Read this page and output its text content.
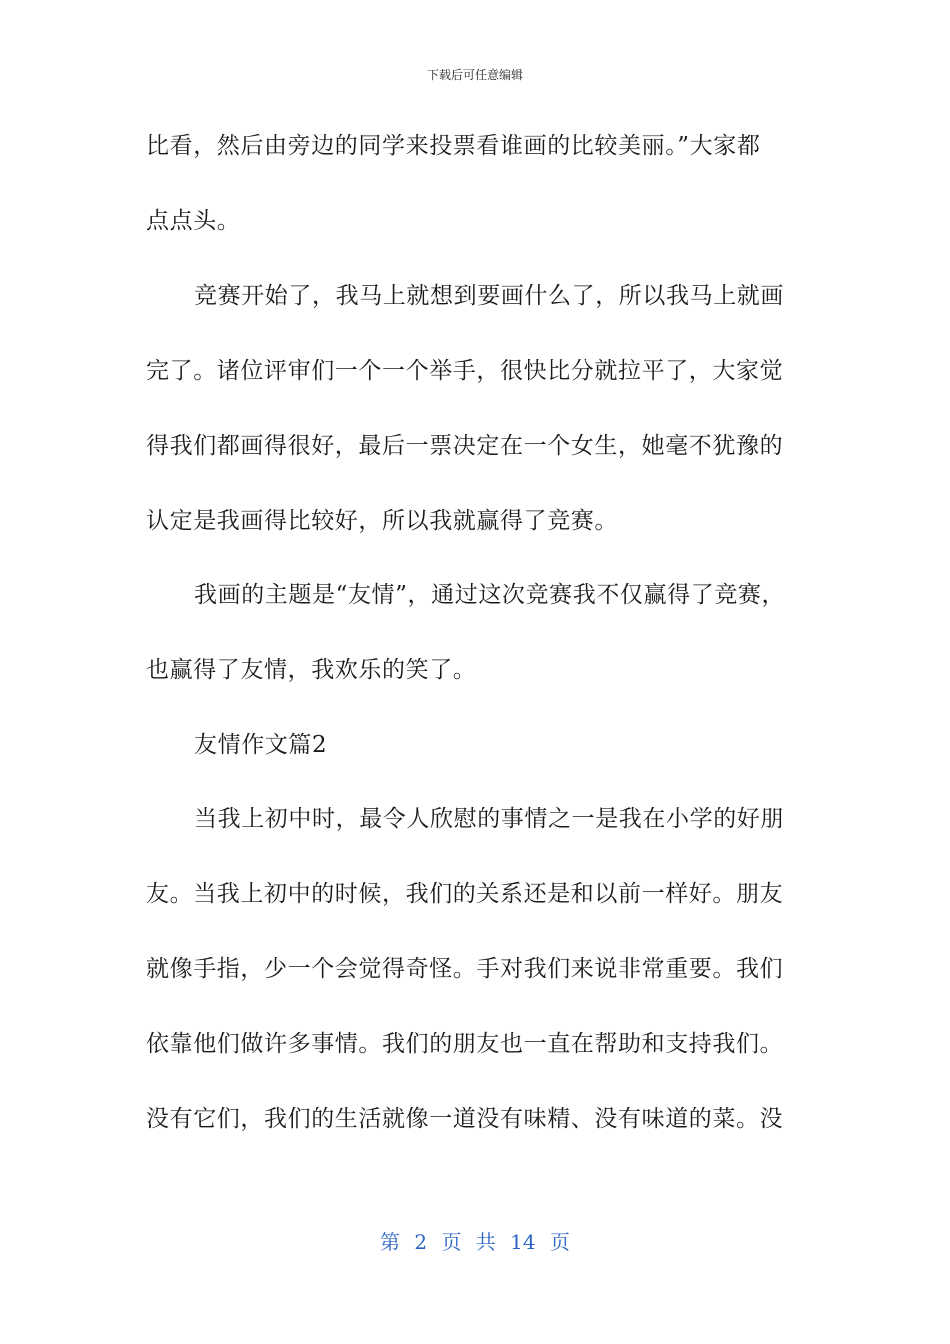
下载后可任意编辑
比看，然后由旁边的同学来投票看谁画的比较美丽。”大家都
点点头。
竞赛开始了，我马上就想到要画什么了，所以我马上就画
完了。诸位评审们一个一个举手，很快比分就拉平了，大家觉
得我们都画得很好，最后一票决定在一个女生，她毫不犹豫的
认定是我画得比较好，所以我就赢得了竞赛。
我画的主题是“友情”，通过这次竞赛我不仅赢得了竞赛，
也赢得了友情，我欢乐的笑了。
友情作文篇2
当我上初中时，最令人欣慰的事情之一是我在小学的好朋
友。当我上初中的时候，我们的关系还是和以前一样好。朋友
就像手指，少一个会觉得奇怪。手对我们来说非常重要。我们
依靠他们做许多事情。我们的朋友也一直在帮助和支持我们。
没有它们，我们的生活就像一道没有味精、没有味道的菜。没
第 2 页 共 14 页
